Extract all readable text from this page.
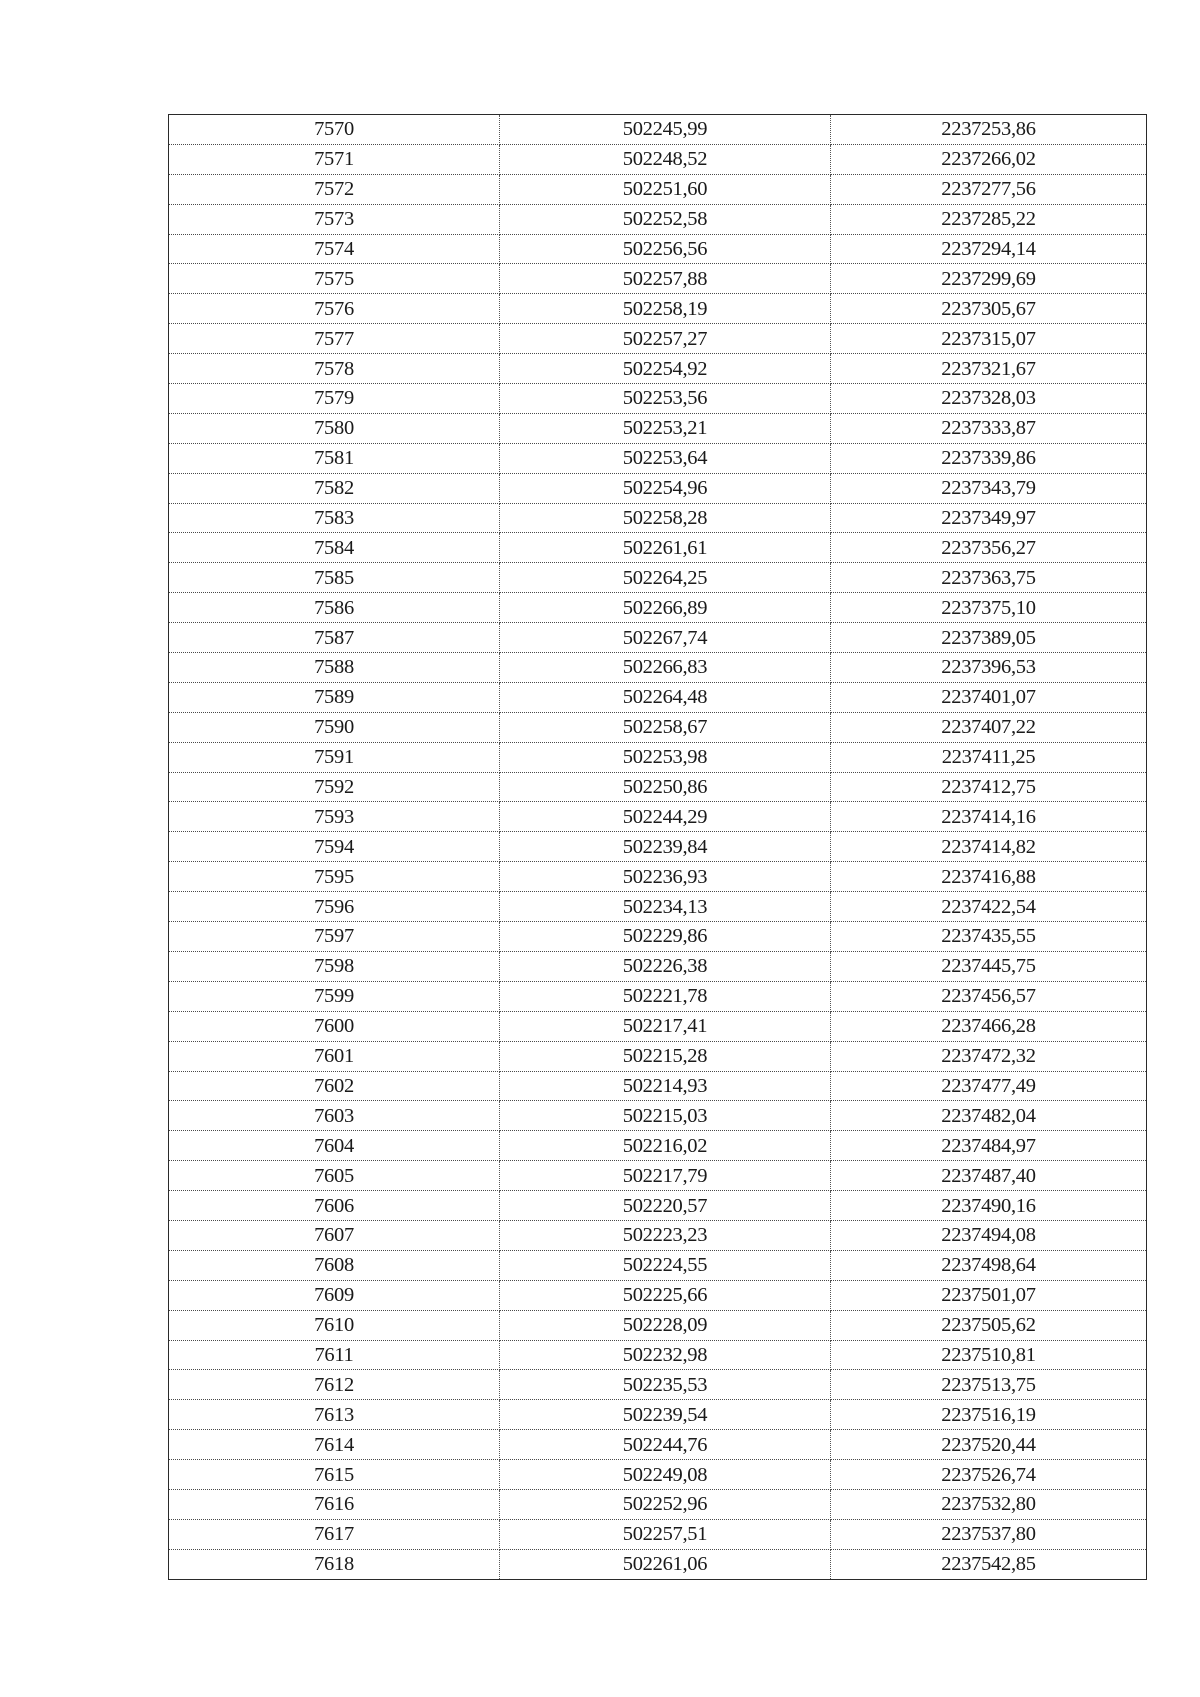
7570	502245,99	2237253,86
7571	502248,52	2237266,02
7572	502251,60	2237277,56
7573	502252,58	2237285,22
7574	502256,56	2237294,14
7575	502257,88	2237299,69
7576	502258,19	2237305,67
7577	502257,27	2237315,07
7578	502254,92	2237321,67
7579	502253,56	2237328,03
7580	502253,21	2237333,87
7581	502253,64	2237339,86
7582	502254,96	2237343,79
7583	502258,28	2237349,97
7584	502261,61	2237356,27
7585	502264,25	2237363,75
7586	502266,89	2237375,10
7587	502267,74	2237389,05
7588	502266,83	2237396,53
7589	502264,48	2237401,07
7590	502258,67	2237407,22
7591	502253,98	2237411,25
7592	502250,86	2237412,75
7593	502244,29	2237414,16
7594	502239,84	2237414,82
7595	502236,93	2237416,88
7596	502234,13	2237422,54
7597	502229,86	2237435,55
7598	502226,38	2237445,75
7599	502221,78	2237456,57
7600	502217,41	2237466,28
7601	502215,28	2237472,32
7602	502214,93	2237477,49
7603	502215,03	2237482,04
7604	502216,02	2237484,97
7605	502217,79	2237487,40
7606	502220,57	2237490,16
7607	502223,23	2237494,08
7608	502224,55	2237498,64
7609	502225,66	2237501,07
7610	502228,09	2237505,62
7611	502232,98	2237510,81
7612	502235,53	2237513,75
7613	502239,54	2237516,19
7614	502244,76	2237520,44
7615	502249,08	2237526,74
7616	502252,96	2237532,80
7617	502257,51	2237537,80
7618	502261,06	2237542,85
